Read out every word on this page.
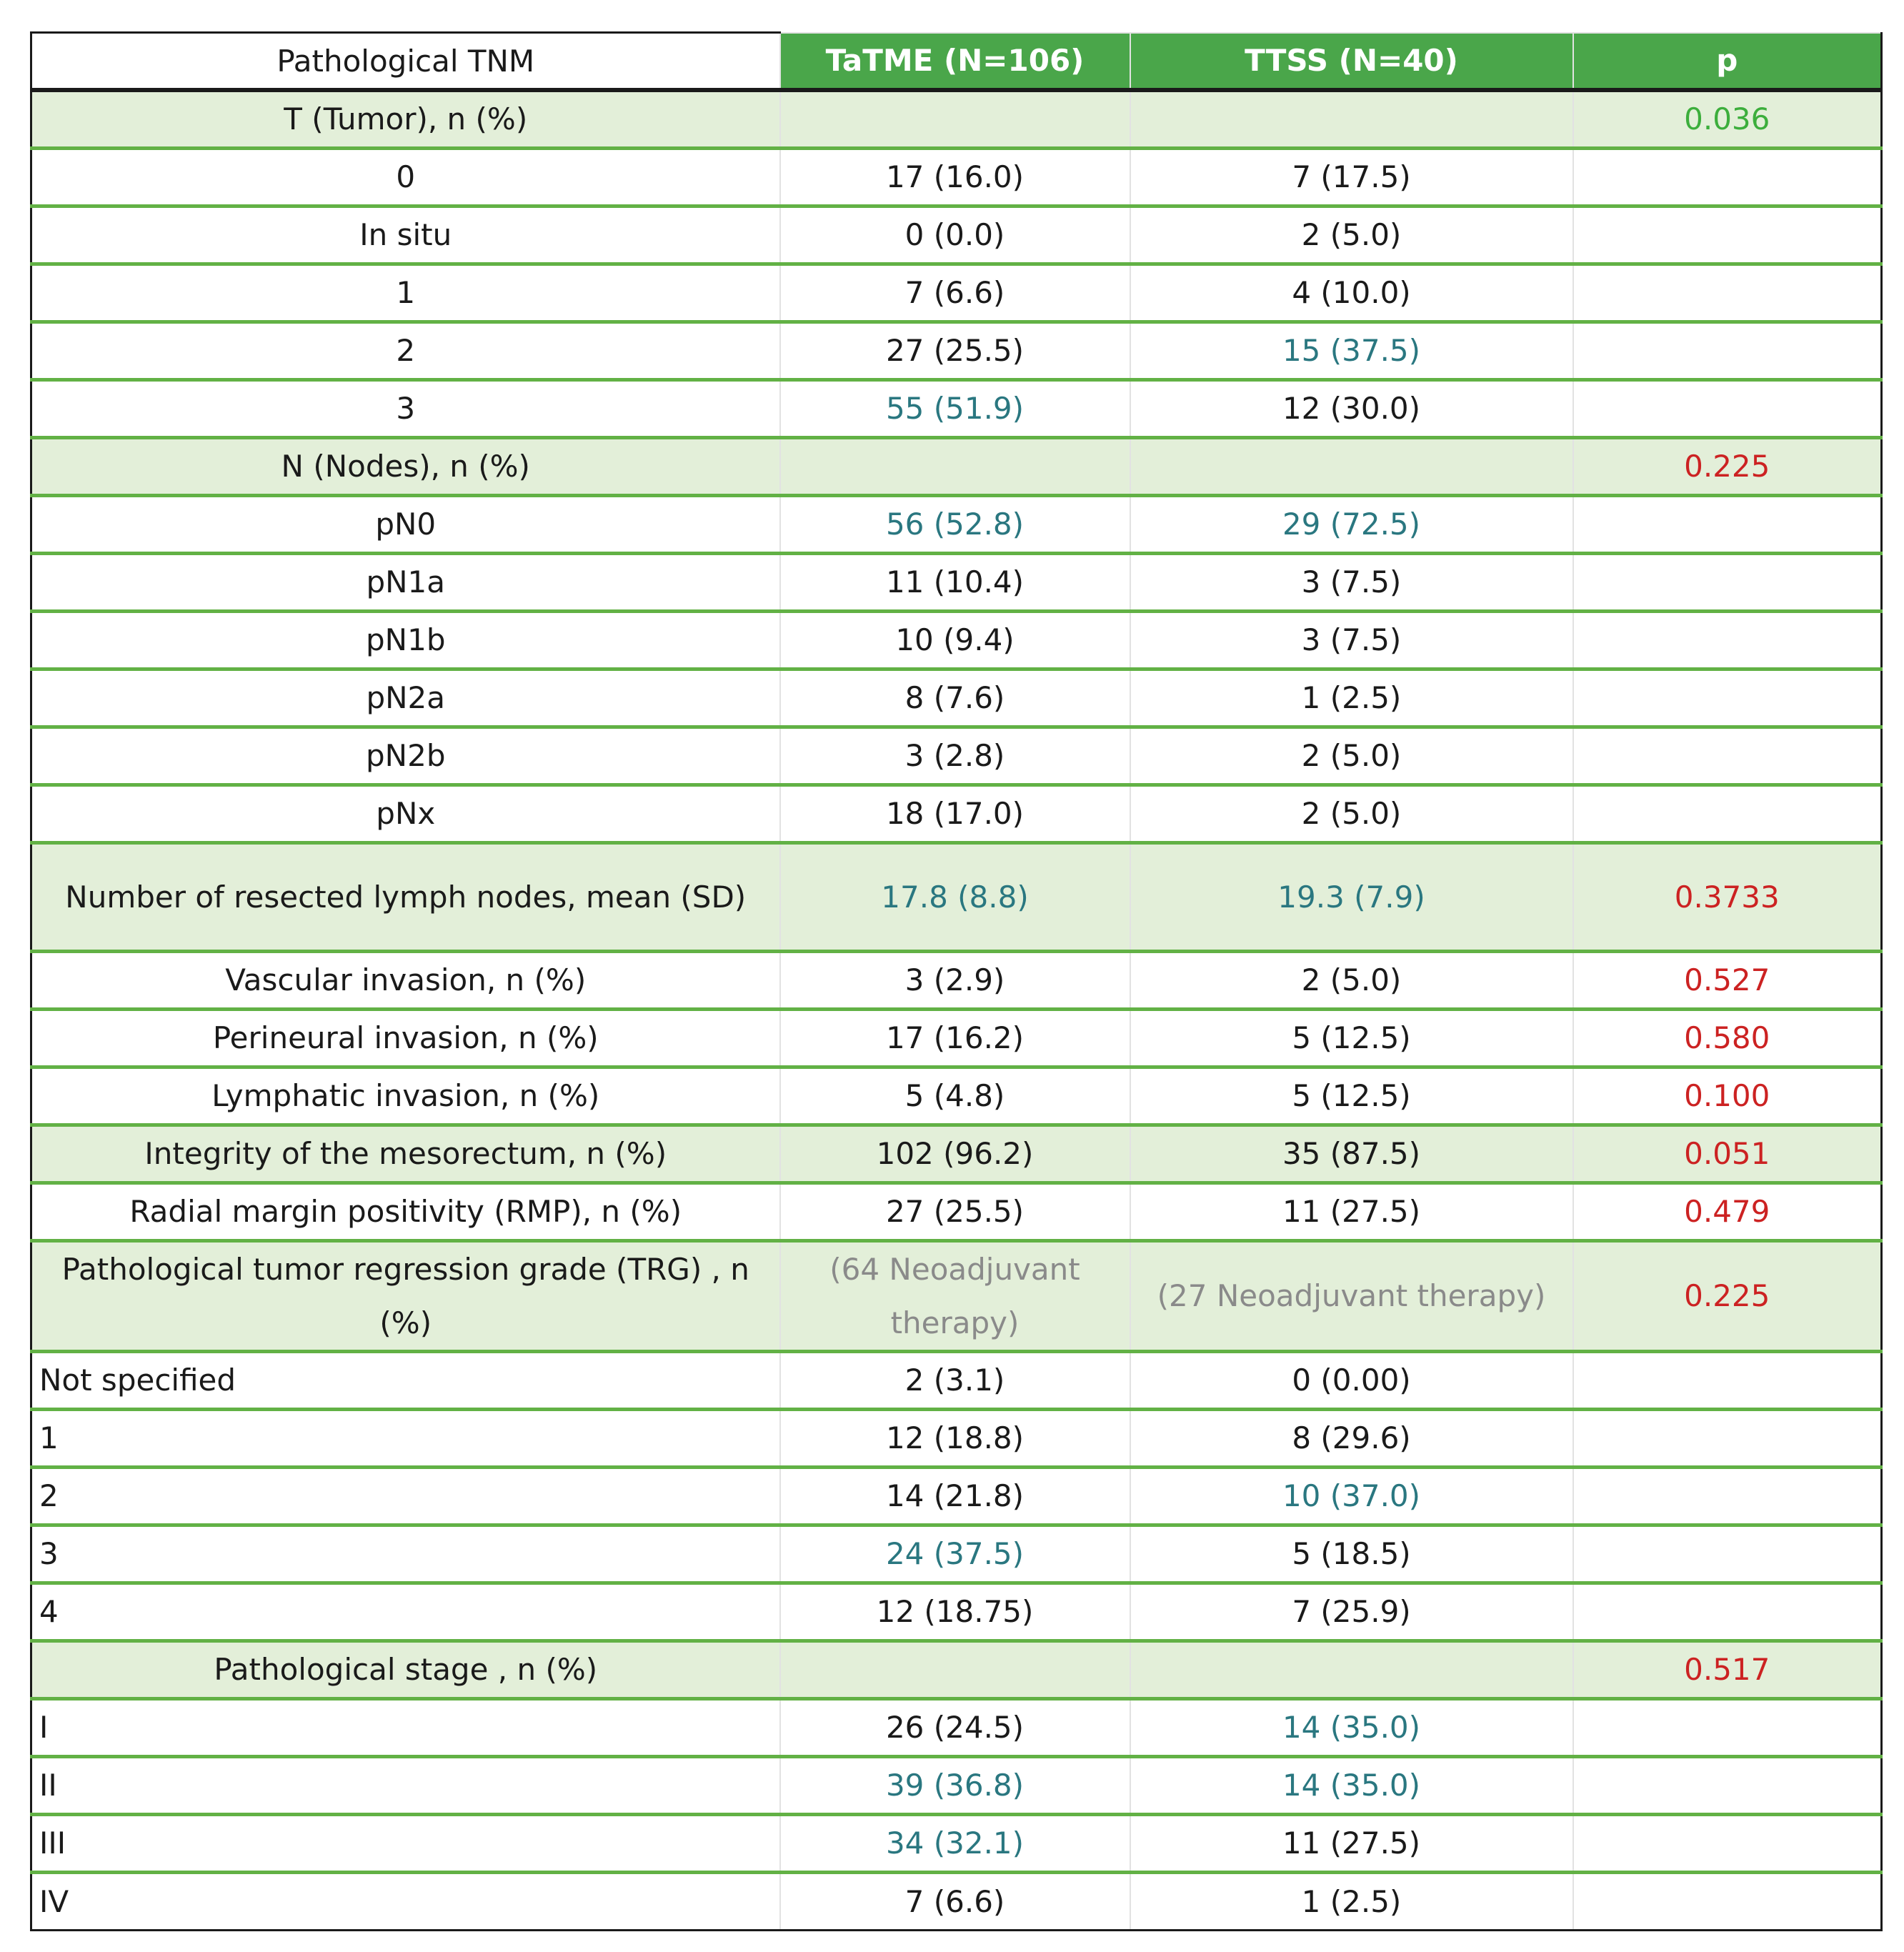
Pathological TNM	TaTME (N=106)	TTSS (N=40)	p
T (Tumor), n (%)			0.036
0	17 (16.0)	7 (17.5)	
In situ	0 (0.0)	2 (5.0)	
1	7 (6.6)	4 (10.0)	
2	27 (25.5)	15 (37.5)	
3	55 (51.9)	12 (30.0)	
N (Nodes), n (%)			0.225
pN0	56 (52.8)	29 (72.5)	
pN1a	11 (10.4)	3 (7.5)	
pN1b	10 (9.4)	3 (7.5)	
pN2a	8 (7.6)	1 (2.5)	
pN2b	3 (2.8)	2 (5.0)	
pNx	18 (17.0)	2 (5.0)	
Number of resected lymph nodes, mean (SD)	17.8 (8.8)	19.3 (7.9)	0.3733
Vascular invasion, n (%)	3 (2.9)	2 (5.0)	0.527
Perineural invasion, n (%)	17 (16.2)	5 (12.5)	0.580
Lymphatic invasion, n (%)	5 (4.8)	5 (12.5)	0.100
Integrity of the mesorectum, n (%)	102 (96.2)	35 (87.5)	0.051
Radial margin positivity (RMP), n (%)	27 (25.5)	11 (27.5)	0.479
Pathological tumor regression grade (TRG) , n (%)	(64 Neoadjuvant therapy)	(27 Neoadjuvant therapy)	0.225
Not specified	2 (3.1)	0 (0.00)	
1	12 (18.8)	8 (29.6)	
2	14 (21.8)	10 (37.0)	
3	24 (37.5)	5 (18.5)	
4	12 (18.75)	7 (25.9)	
Pathological stage , n (%)			0.517
I	26 (24.5)	14 (35.0)	
II	39 (36.8)	14 (35.0)	
III	34 (32.1)	11 (27.5)	
IV	7 (6.6)	1 (2.5)	
